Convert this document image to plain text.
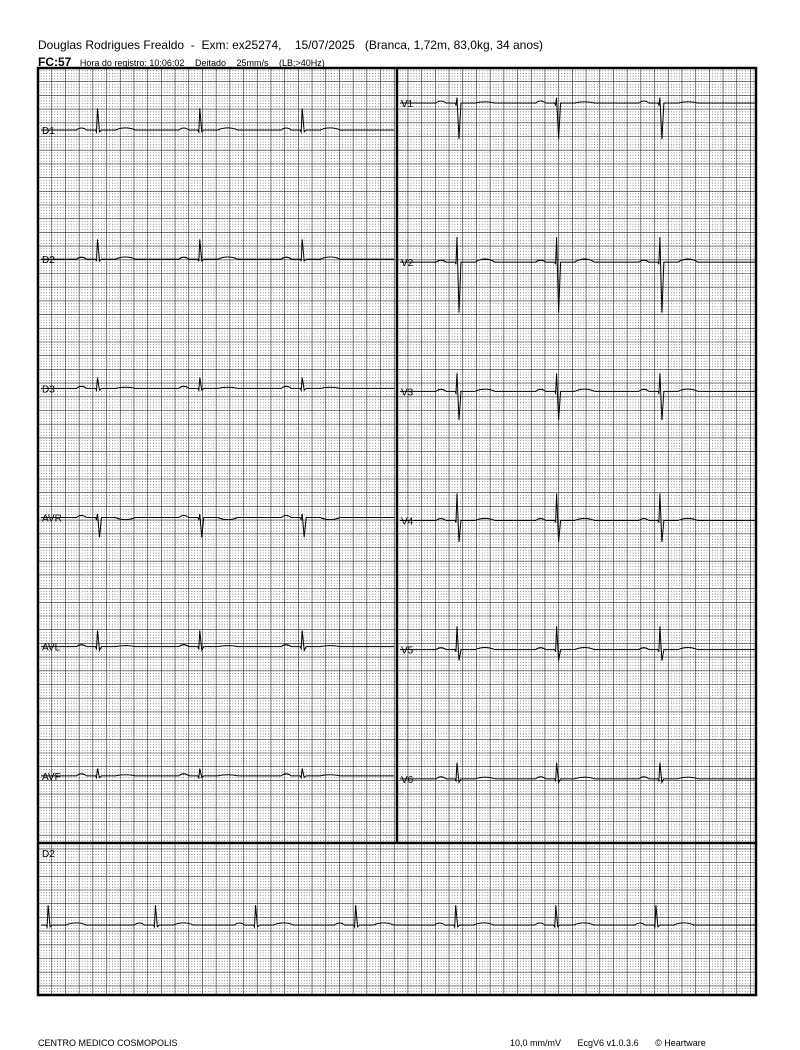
Douglas Rodrigues Frealdo  -  Exm: ex25274, 15/07/2025 (Branca, 1,72m, 83,0kg, 34 anos)
FC:57 Hora do registro: 10:06:02 Deitado 25mm/s (LB;>40Hz)
D1
D2
D3
AVR
AVL
AVF
V1
V2
V3
V4
V5
V6
D2
CENTRO MEDICO COSMOPOLIS	10,0 mm/mV EcgV6 v1.0.3.6 © Heartware
